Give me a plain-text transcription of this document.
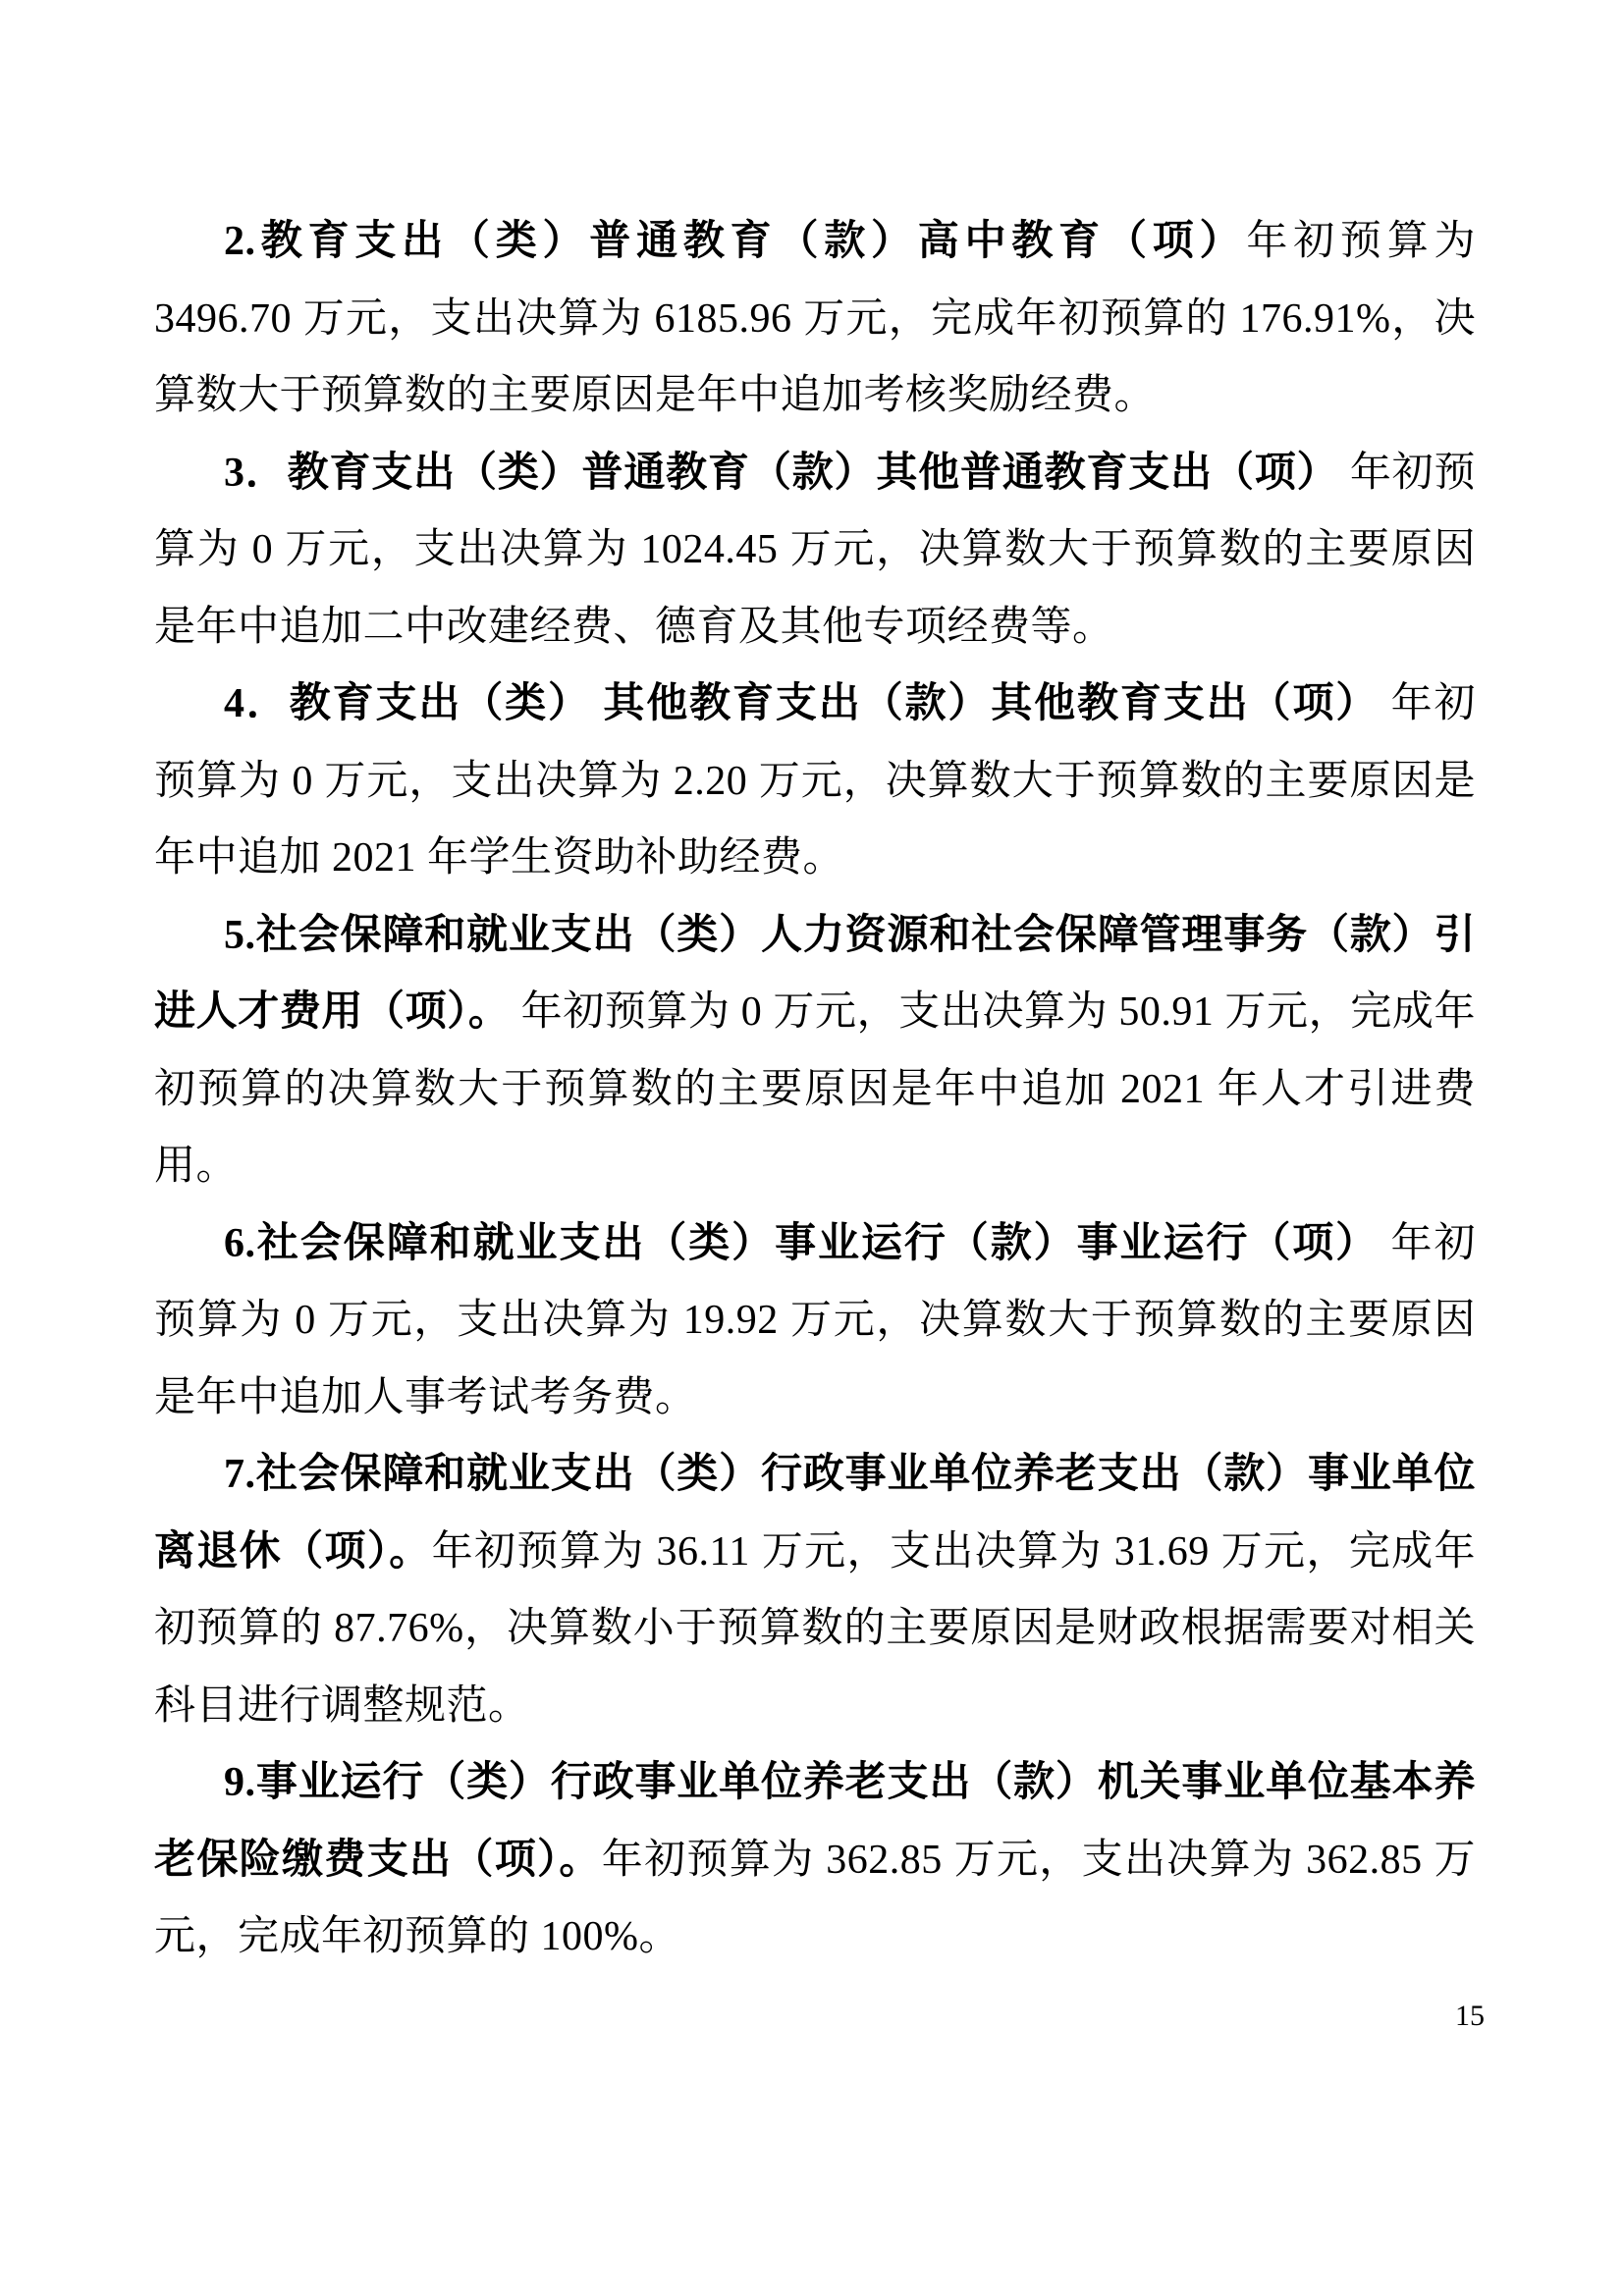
2.教育支出（类）普通教育（款）高中教育（项）年初预算为 3496.70 万元，支出决算为 6185.96 万元，完成年初预算的 176.91%，决算数大于预算数的主要原因是年中追加考核奖励经费。

3．教育支出（类）普通教育（款）其他普通教育支出（项） 年初预算为 0 万元，支出决算为 1024.45 万元，决算数大于预算数的主要原因是年中追加二中改建经费、德育及其他专项经费等。

4．教育支出（类） 其他教育支出（款）其他教育支出（项） 年初预算为 0 万元，支出决算为 2.20 万元，决算数大于预算数的主要原因是年中追加 2021 年学生资助补助经费。

5.社会保障和就业支出（类）人力资源和社会保障管理事务（款）引进人才费用（项）。 年初预算为 0 万元，支出决算为 50.91 万元，完成年初预算的决算数大于预算数的主要原因是年中追加 2021 年人才引进费用。

6.社会保障和就业支出（类）事业运行（款）事业运行（项） 年初预算为 0 万元，支出决算为 19.92 万元，决算数大于预算数的主要原因是年中追加人事考试考务费。

7.社会保障和就业支出（类）行政事业单位养老支出（款）事业单位离退休（项）。年初预算为 36.11 万元，支出决算为 31.69 万元，完成年初预算的 87.76%，决算数小于预算数的主要原因是财政根据需要对相关科目进行调整规范。

9.事业运行（类）行政事业单位养老支出（款）机关事业单位基本养老保险缴费支出（项）。年初预算为 362.85 万元，支出决算为 362.85 万元，完成年初预算的 100%。

15
